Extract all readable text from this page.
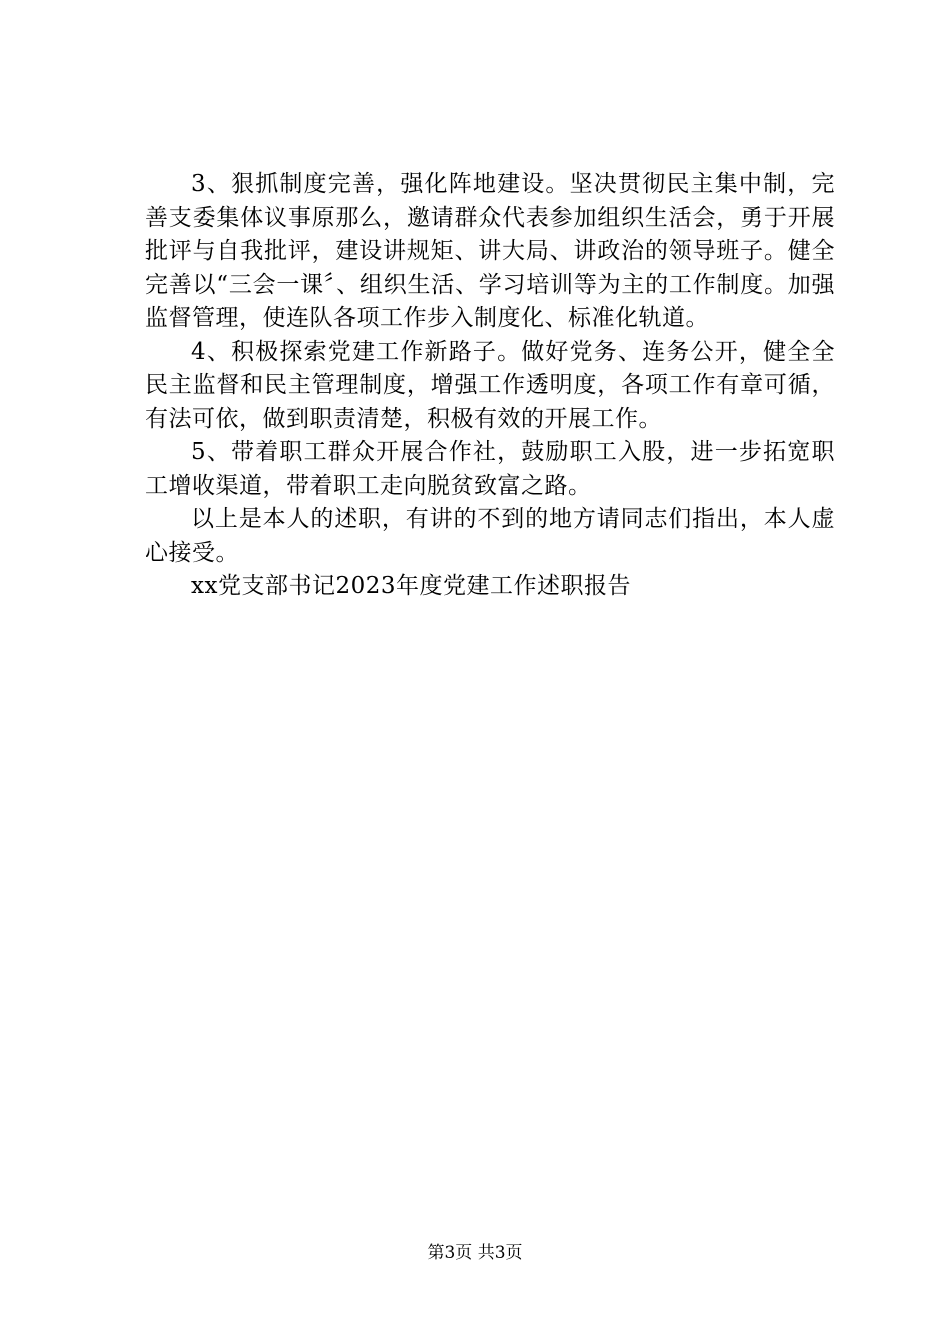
3、狠抓制度完善，强化阵地建设。坚决贯彻民主集中制，完善支委集体议事原那么，邀请群众代表参加组织生活会，勇于开展批评与自我批评，建设讲规矩、讲大局、讲政治的领导班子。健全完善以“三会一课〞、组织生活、学习培训等为主的工作制度。加强监督管理，使连队各项工作步入制度化、标准化轨道。

4、积极探索党建工作新路子。做好党务、连务公开，健全全民主监督和民主管理制度，增强工作透明度，各项工作有章可循，有法可依，做到职责清楚，积极有效的开展工作。

5、带着职工群众开展合作社，鼓励职工入股，进一步拓宽职工增收渠道，带着职工走向脱贫致富之路。

以上是本人的述职，有讲的不到的地方请同志们指出，本人虚心接受。

xx党支部书记2023年度党建工作述职报告

第3页 共3页
